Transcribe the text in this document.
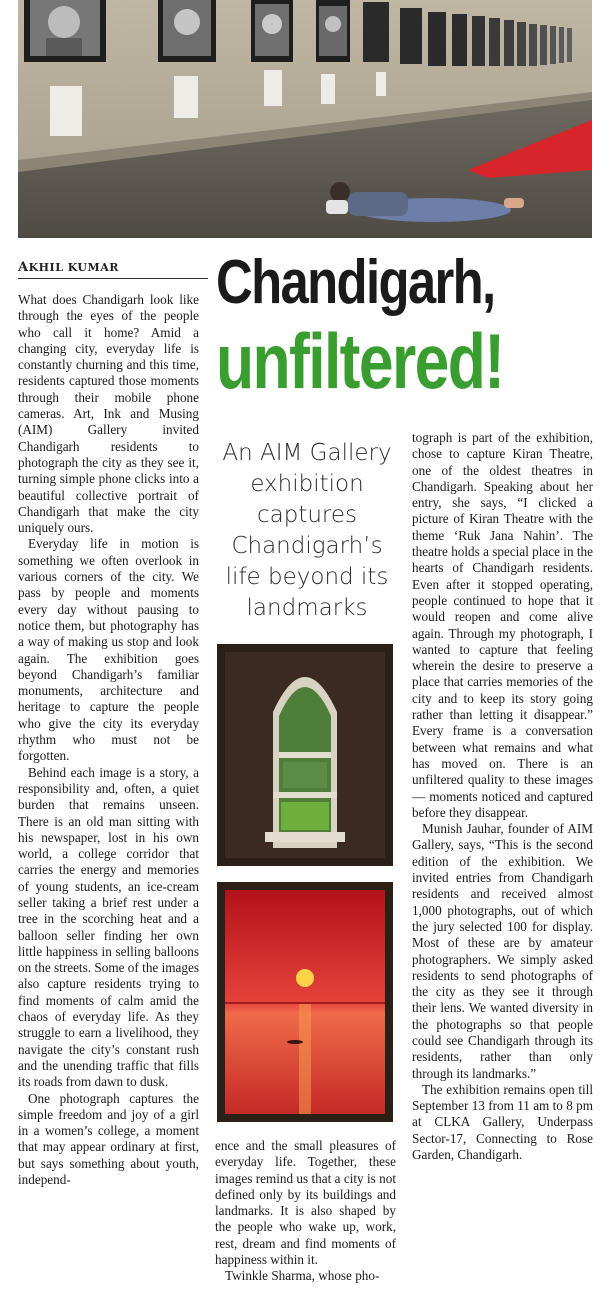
AKHIL KUMAR	Chandigarh,
unfiltered!

What does Chandigarh look like through the eyes of the people who call it home? Amid a changing city, everyday life is constantly churning and this time, residents captured those moments through their mobile phone cameras. Art, Ink and Musing (AIM) Gallery invited Chandigarh residents to photograph the city as they see it, turning simple phone clicks into a beautiful collective portrait of Chandigarh that make the city uniquely ours.

Everyday life in motion is something we often overlook in various corners of the city. We pass by people and moments every day without pausing to notice them, but photography has a way of making us stop and look again. The exhibition goes beyond Chandigarh’s familiar monuments, architecture and heritage to capture the people who give the city its everyday rhythm who must not be forgotten.

Behind each image is a story, a responsibility and, often, a quiet burden that remains unseen. There is an old man sitting with his newspaper, lost in his own world, a college corridor that carries the energy and memories of young students, an ice-cream seller taking a brief rest under a tree in the scorching heat and a balloon seller finding her own little happiness in selling balloons on the streets. Some of the images also capture residents trying to find moments of calm amid the chaos of everyday life. As they struggle to earn a livelihood, they navigate the city’s constant rush and the unending traffic that fills its roads from dawn to dusk.

One photograph captures the simple freedom and joy of a girl in a women’s college, a moment that may appear ordinary at first, but says something about youth, independ-

An AIM Gallery exhibition captures Chandigarh’s life beyond its landmarks

ence and the small pleasures of everyday life. Together, these images remind us that a city is not defined only by its buildings and landmarks. It is also shaped by the people who wake up, work, rest, dream and find moments of happiness within it.

Twinkle Sharma, whose pho-

tograph is part of the exhibition, chose to capture Kiran Theatre, one of the oldest theatres in Chandigarh. Speaking about her entry, she says, “I clicked a picture of Kiran Theatre with the theme ‘Ruk Jana Nahin’. The theatre holds a special place in the hearts of Chandigarh residents. Even after it stopped operating, people continued to hope that it would reopen and come alive again. Through my photograph, I wanted to capture that feeling wherein the desire to preserve a place that carries memories of the city and to keep its story going rather than letting it disappear.” Every frame is a conversation between what remains and what has moved on. There is an unfiltered quality to these images — moments noticed and captured before they disappear.

Munish Jauhar, founder of AIM Gallery, says, “This is the second edition of the exhibition. We invited entries from Chandigarh residents and received almost 1,000 photographs, out of which the jury selected 100 for display. Most of these are by amateur photographers. We simply asked residents to send photographs of the city as they see it through their lens. We wanted diversity in the photographs so that people could see Chandigarh through its residents, rather than only through its landmarks.”

The exhibition remains open till September 13 from 11 am to 8 pm at CLKA Gallery, Underpass Sector-17, Connecting to Rose Garden, Chandigarh.
